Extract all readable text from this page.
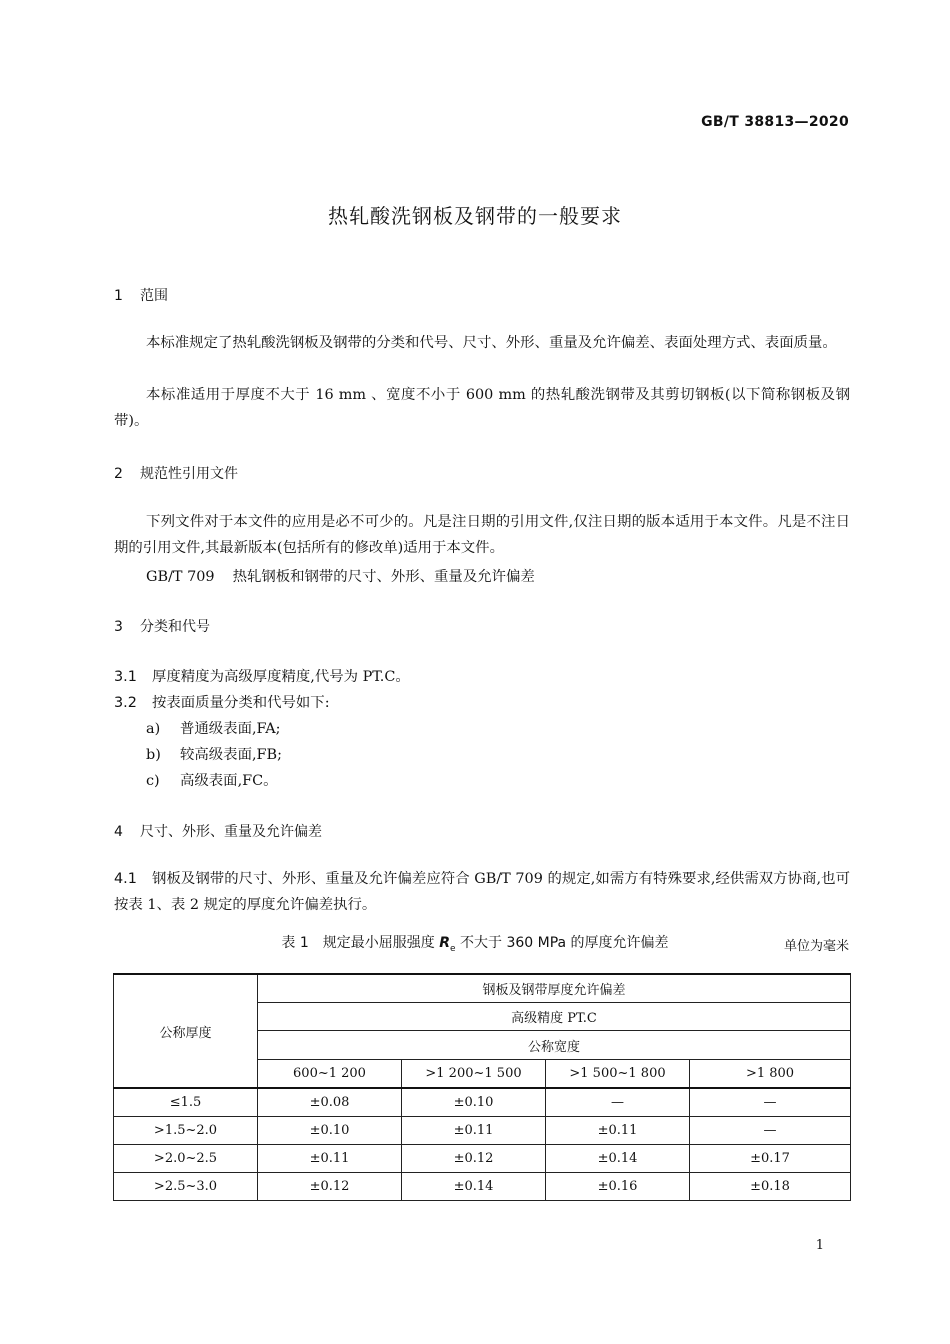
GB/T 38813—2020
热轧酸洗钢板及钢带的一般要求
1 范围
本标准规定了热轧酸洗钢板及钢带的分类和代号、尺寸、外形、重量及允许偏差、表面处理方式、表面质量。
本标准适用于厚度不大于 16 mm 、宽度不小于 600 mm 的热轧酸洗钢带及其剪切钢板(以下简称钢板及钢带)。
2 规范性引用文件
下列文件对于本文件的应用是必不可少的。凡是注日期的引用文件,仅注日期的版本适用于本文件。凡是不注日期的引用文件,其最新版本(包括所有的修改单)适用于本文件。
GB/T 709 热轧钢板和钢带的尺寸、外形、重量及允许偏差
3 分类和代号
3.1 厚度精度为高级厚度精度,代号为 PT.C。
3.2 按表面质量分类和代号如下:
a) 普通级表面,FA;
b) 较高级表面,FB;
c) 高级表面,FC。
4 尺寸、外形、重量及允许偏差
4.1 钢板及钢带的尺寸、外形、重量及允许偏差应符合 GB/T 709 的规定,如需方有特殊要求,经供需双方协商,也可按表 1、表 2 规定的厚度允许偏差执行。
表 1 规定最小屈服强度 $R_e$ 不大于 360 MPa 的厚度允许偏差	单位为毫米
公称厚度	钢板及钢带厚度允许偏差			
	高级精度 PT.C			
	公称宽度			
	600~1 200	>1 200~1 500	>1 500~1 800	>1 800
≤1.5	±0.08	±0.10	—	—
>1.5~2.0	±0.10	±0.11	±0.11	—
>2.0~2.5	±0.11	±0.12	±0.14	±0.17
>2.5~3.0	±0.12	±0.14	±0.16	±0.18
1
